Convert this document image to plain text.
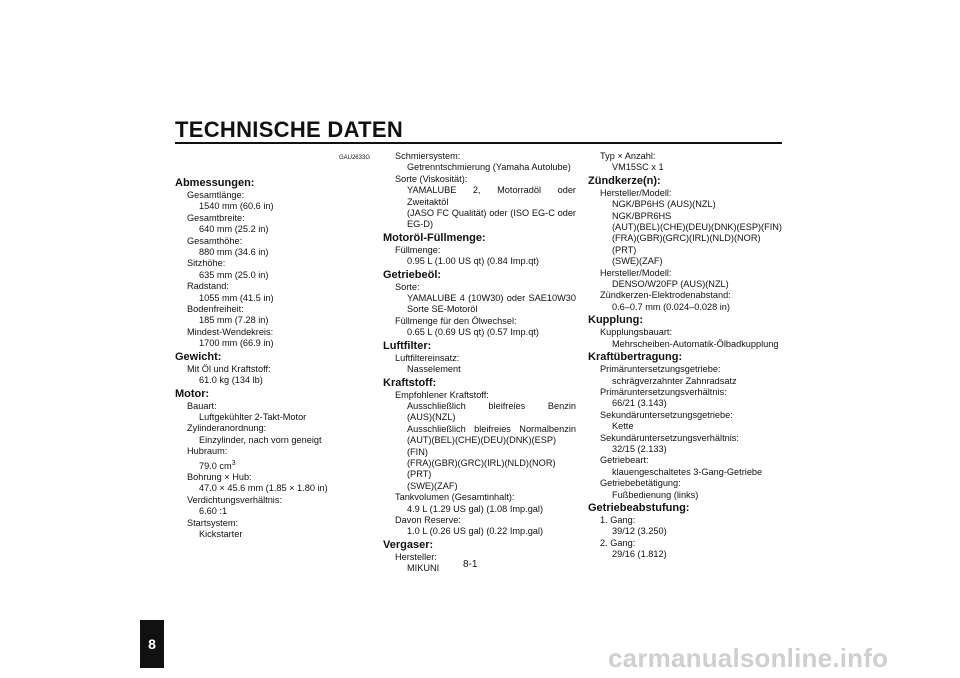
TECHNISCHE DATEN
8
GAU2633G
Abmessungen:
Gesamtlänge:
1540 mm (60.6 in)
Gesamtbreite:
640 mm (25.2 in)
Gesamthöhe:
880 mm (34.6 in)
Sitzhöhe:
635 mm (25.0 in)
Radstand:
1055 mm (41.5 in)
Bodenfreiheit:
185 mm (7.28 in)
Mindest-Wendekreis:
1700 mm (66.9 in)
Gewicht:
Mit Öl und Kraftstoff:
61.0 kg (134 lb)
Motor:
Bauart:
Luftgekühlter 2-Takt-Motor
Zylinderanordnung:
Einzylinder, nach vorn geneigt
Hubraum:
79.0 $cm^3$
Bohrung × Hub:
47.0 × 45.6 mm (1.85 × 1.80 in)
Verdichtungsverhältnis:
6.60 :1
Startsystem:
Kickstarter
Schmiersystem:
Getrenntschmierung (Yamaha Autolube)
Sorte (Viskosität):
YAMALUBE 2, Motorradöl oder Zweitaktöl
(JASO FC Qualität) oder (ISO EG-C oder
EG-D)
Motoröl-Füllmenge:
Füllmenge:
0.95 L (1.00 US qt) (0.84 Imp.qt)
Getriebeöl:
Sorte:
YAMALUBE 4 (10W30) oder SAE10W30
Sorte SE-Motoröl
Füllmenge für den Ölwechsel:
0.65 L (0.69 US qt) (0.57 Imp.qt)
Luftfilter:
Luftfiltereinsatz:
Nasselement
Kraftstoff:
Empfohlener Kraftstoff:
Ausschließlich bleifreies Benzin
(AUS)(NZL)
Ausschließlich bleifreies Normalbenzin
(AUT)(BEL)(CHE)(DEU)(DNK)(ESP)(FIN)
(FRA)(GBR)(GRC)(IRL)(NLD)(NOR)(PRT)
(SWE)(ZAF)
Tankvolumen (Gesamtinhalt):
4.9 L (1.29 US gal) (1.08 Imp.gal)
Davon Reserve:
1.0 L (0.26 US gal) (0.22 Imp.gal)
Vergaser:
Hersteller:
MIKUNI
Typ × Anzahl:
VM15SC x 1
Zündkerze(n):
Hersteller/Modell:
NGK/BP6HS (AUS)(NZL)
NGK/BPR6HS
(AUT)(BEL)(CHE)(DEU)(DNK)(ESP)(FIN)
(FRA)(GBR)(GRC)(IRL)(NLD)(NOR)(PRT)
(SWE)(ZAF)
Hersteller/Modell:
DENSO/W20FP (AUS)(NZL)
Zündkerzen-Elektrodenabstand:
0.6–0.7 mm (0.024–0.028 in)
Kupplung:
Kupplungsbauart:
Mehrscheiben-Automatik-Ölbadkupplung
Kraftübertragung:
Primäruntersetzungsgetriebe:
schrägverzahnter Zahnradsatz
Primäruntersetzungsverhältnis:
66/21 (3.143)
Sekundäruntersetzungsgetriebe:
Kette
Sekundäruntersetzungsverhältnis:
32/15 (2.133)
Getriebeart:
klauengeschaltetes 3-Gang-Getriebe
Getriebebetätigung:
Fußbedienung (links)
Getriebeabstufung:
1. Gang:
39/12 (3.250)
2. Gang:
29/16 (1.812)
8-1
carmanualsonline.info
